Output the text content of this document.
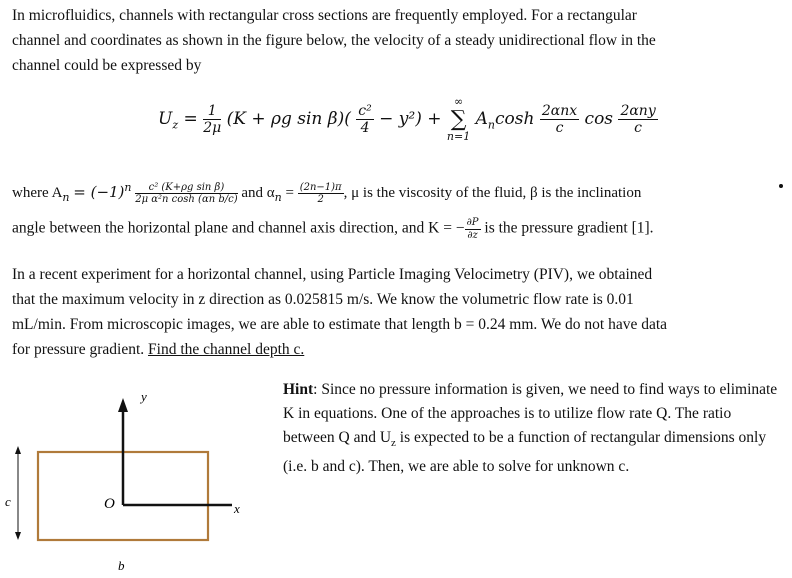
In microfluidics, channels with rectangular cross sections are frequently employed. For a rectangular
channel and coordinates as shown in the figure below, the velocity of a steady unidirectional flow in the
channel could be expressed by
$U_z = \frac{1}{2\mu} (K + \rho g$ $\sin \beta)( \frac{\text{c²}}{4} - y^2)$ +
∞
∑
n=1
$A_n\cosh \frac{\text{2αnx}}{c}$ $\cos \frac{\text{2αny}}{c}$
where $A_n = (-1)^n \frac{\text{c² (K+ρg sin β)}}{\text{2μ α²n cosh (αn b/c)}}$ and $\alpha_n = \frac{(2n-1)\pi}{2}$ , μ is the viscosity of the fluid, β is the inclination
angle between the horizontal plane and channel axis direction, and K = − $\frac{\partial P}{\partial z}$ is the pressure gradient [1].
In a recent experiment for a horizontal channel, using Particle Imaging Velocimetry (PIV), we obtained
that the maximum velocity in z direction as 0.025815 m/s. We know the volumetric flow rate is 0.01
mL/min. From microscopic images, we are able to estimate that length b = 0.24 mm. We do not have data
for pressure gradient. Find the channel depth c.
y
x
O
c
b
Hint: Since no pressure information is given, we need to find ways to eliminate K in equations. One of the approaches is to utilize flow rate Q. The ratio between Q and $U_z$ is expected to be a function of rectangular dimensions only (i.e. b and c). Then, we are able to solve for unknown c.
